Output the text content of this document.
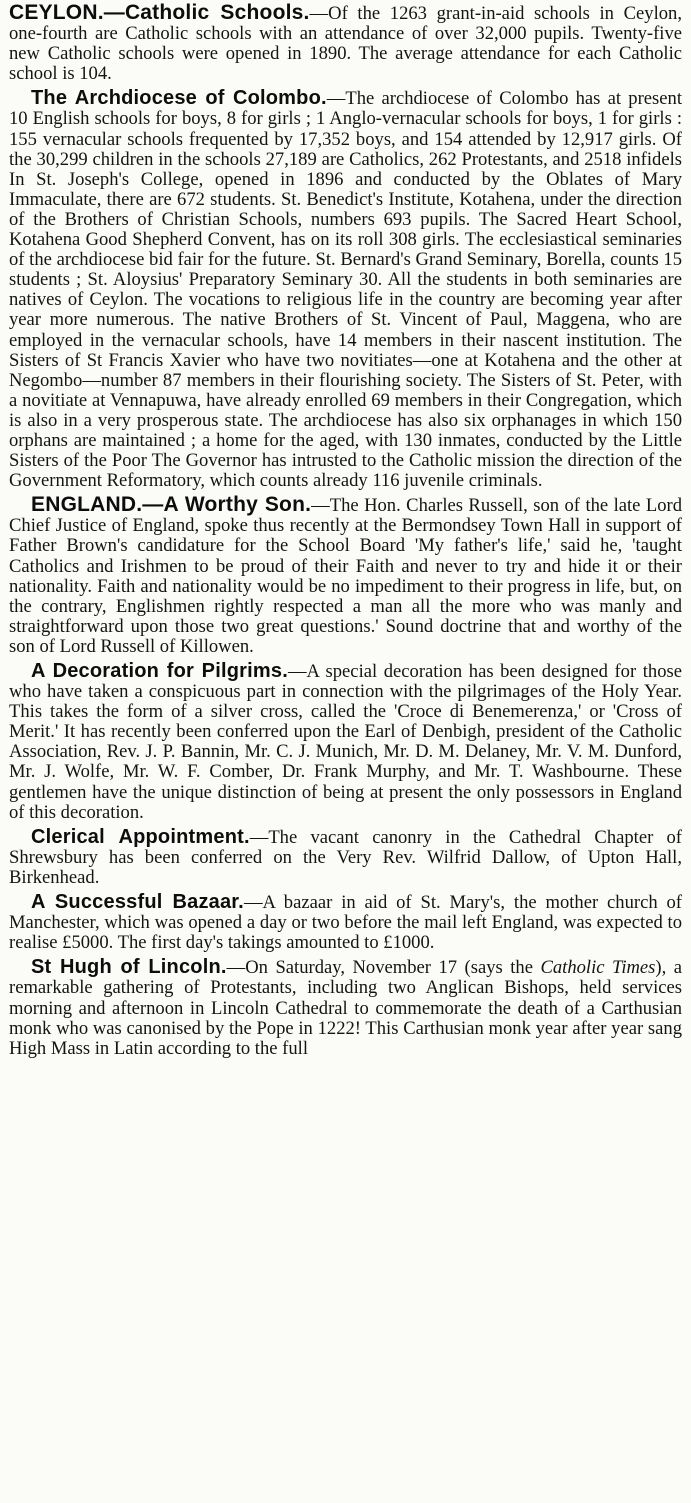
CEYLON.—Catholic Schools.—Of the 1263 grant-in-aid schools in Ceylon, one-fourth are Catholic schools with an attendance of over 32,000 pupils. Twenty-five new Catholic schools were opened in 1890. The average attendance for each Catholic school is 104.

The Archdiocese of Colombo.—The archdiocese of Colombo has at present 10 English schools for boys, 8 for girls ; 1 Anglo-vernacular schools for boys, 1 for girls : 155 vernacular schools frequented by 17,352 boys, and 154 attended by 12,917 girls. Of the 30,299 children in the schools 27,189 are Catholics, 262 Protestants, and 2518 infidels In St. Joseph's College, opened in 1896 and conducted by the Oblates of Mary Immaculate, there are 672 students. St. Benedict's Institute, Kotahena, under the direction of the Brothers of Christian Schools, numbers 693 pupils. The Sacred Heart School, Kotahena Good Shepherd Convent, has on its roll 308 girls. The ecclesiastical seminaries of the archdiocese bid fair for the future. St. Bernard's Grand Seminary, Borella, counts 15 students ; St. Aloysius' Preparatory Seminary 30. All the students in both seminaries are natives of Ceylon. The vocations to religious life in the country are becoming year after year more numerous. The native Brothers of St. Vincent of Paul, Maggena, who are employed in the vernacular schools, have 14 members in their nascent institution. The Sisters of St Francis Xavier who have two novitiates—one at Kotahena and the other at Negombo—number 87 members in their flourishing society. The Sisters of St. Peter, with a novitiate at Vennapuwa, have already enrolled 69 members in their Congregation, which is also in a very prosperous state. The archdiocese has also six orphanages in which 150 orphans are maintained ; a home for the aged, with 130 inmates, conducted by the Little Sisters of the Poor The Governor has intrusted to the Catholic mission the direction of the Government Reformatory, which counts already 116 juvenile criminals.

ENGLAND.—A Worthy Son.—The Hon. Charles Russell, son of the late Lord Chief Justice of England, spoke thus recently at the Bermondsey Town Hall in support of Father Brown's candidature for the School Board 'My father's life,' said he, 'taught Catholics and Irishmen to be proud of their Faith and never to try and hide it or their nationality. Faith and nationality would be no impediment to their progress in life, but, on the contrary, Englishmen rightly respected a man all the more who was manly and straightforward upon those two great questions.' Sound doctrine that and worthy of the son of Lord Russell of Killowen.

A Decoration for Pilgrims.—A special decoration has been designed for those who have taken a conspicuous part in connection with the pilgrimages of the Holy Year. This takes the form of a silver cross, called the 'Croce di Benemerenza,' or 'Cross of Merit.' It has recently been conferred upon the Earl of Denbigh, president of the Catholic Association, Rev. J. P. Bannin, Mr. C. J. Munich, Mr. D. M. Delaney, Mr. V. M. Dunford, Mr. J. Wolfe, Mr. W. F. Comber, Dr. Frank Murphy, and Mr. T. Washbourne. These gentlemen have the unique distinction of being at present the only possessors in England of this decoration.

Clerical Appointment.—The vacant canonry in the Cathedral Chapter of Shrewsbury has been conferred on the Very Rev. Wilfrid Dallow, of Upton Hall, Birkenhead.

A Successful Bazaar.—A bazaar in aid of St. Mary's, the mother church of Manchester, which was opened a day or two before the mail left England, was expected to realise £5000. The first day's takings amounted to £1000.

St Hugh of Lincoln.—On Saturday, November 17 (says the Catholic Times), a remarkable gathering of Protestants, including two Anglican Bishops, held services morning and afternoon in Lincoln Cathedral to commemorate the death of a Carthusian monk who was canonised by the Pope in 1222! This Carthusian monk year after year sang High Mass in Latin according to the full
